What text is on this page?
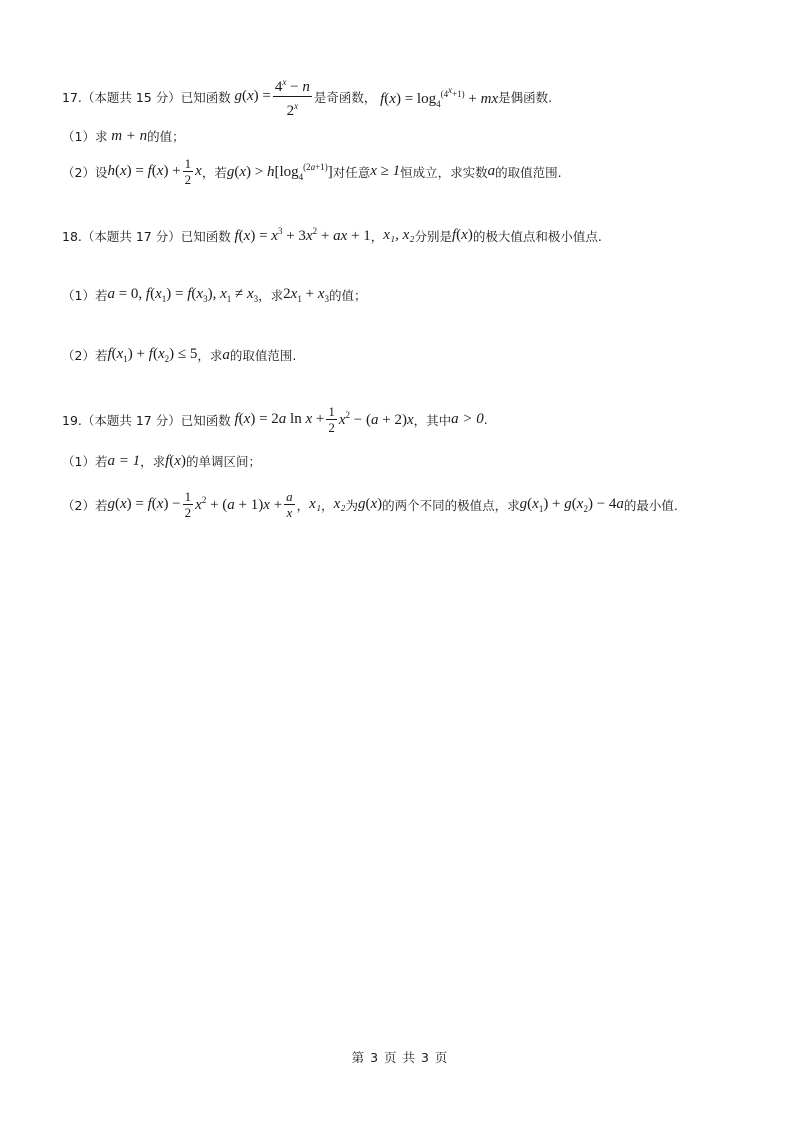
17.（本题共 15 分）已知函数 $g(x) = \frac{4^x - n}{2^x}$ 是奇函数， $f(x) = \log_4^{(4^x+1)}$ + mx 是偶函数.
（1）求 m + n 的值；
（2）设 $h(x) = f(x) + \frac{1}{2}$ x ，若 $g(x) > h[\log_4^{(2a+1)}]$ 对任意 x ≥ 1 恒成立，求实数 a 的取值范围.
18.（本题共 17 分）已知函数 $f(x) = x^3 + 3x^2$ + ax + 1 ， x₁, x₂ 分别是 f(x) 的极大值点和极小值点.
（1）若 a = 0, $f(x_1) = f(x_3)$, $x_1 \ne x_3$ ，求 $2x_1 + x_3$ 的值；
（2）若 $f(x_1) + f(x_2) \le 5$ ，求 a 的取值范围.
19.（本题共 17 分）已知函数 f(x) = 2a $\ln x + \frac{1}{2} x^2 - (a + 2)x$ ，其中 a > 0 .
（1）若 a = 1 ，求 f(x) 的单调区间；
（2）若 $g(x) = f(x) - \frac{1}{2} x^2 + (a + 1)x + \frac{a}{x}$ ， x₁ ， x₂ 为 g(x) 的两个不同的极值点，求 $g(x_1) + g(x_2) - 4a$ 的最小值.
第 3 页 共 3 页
